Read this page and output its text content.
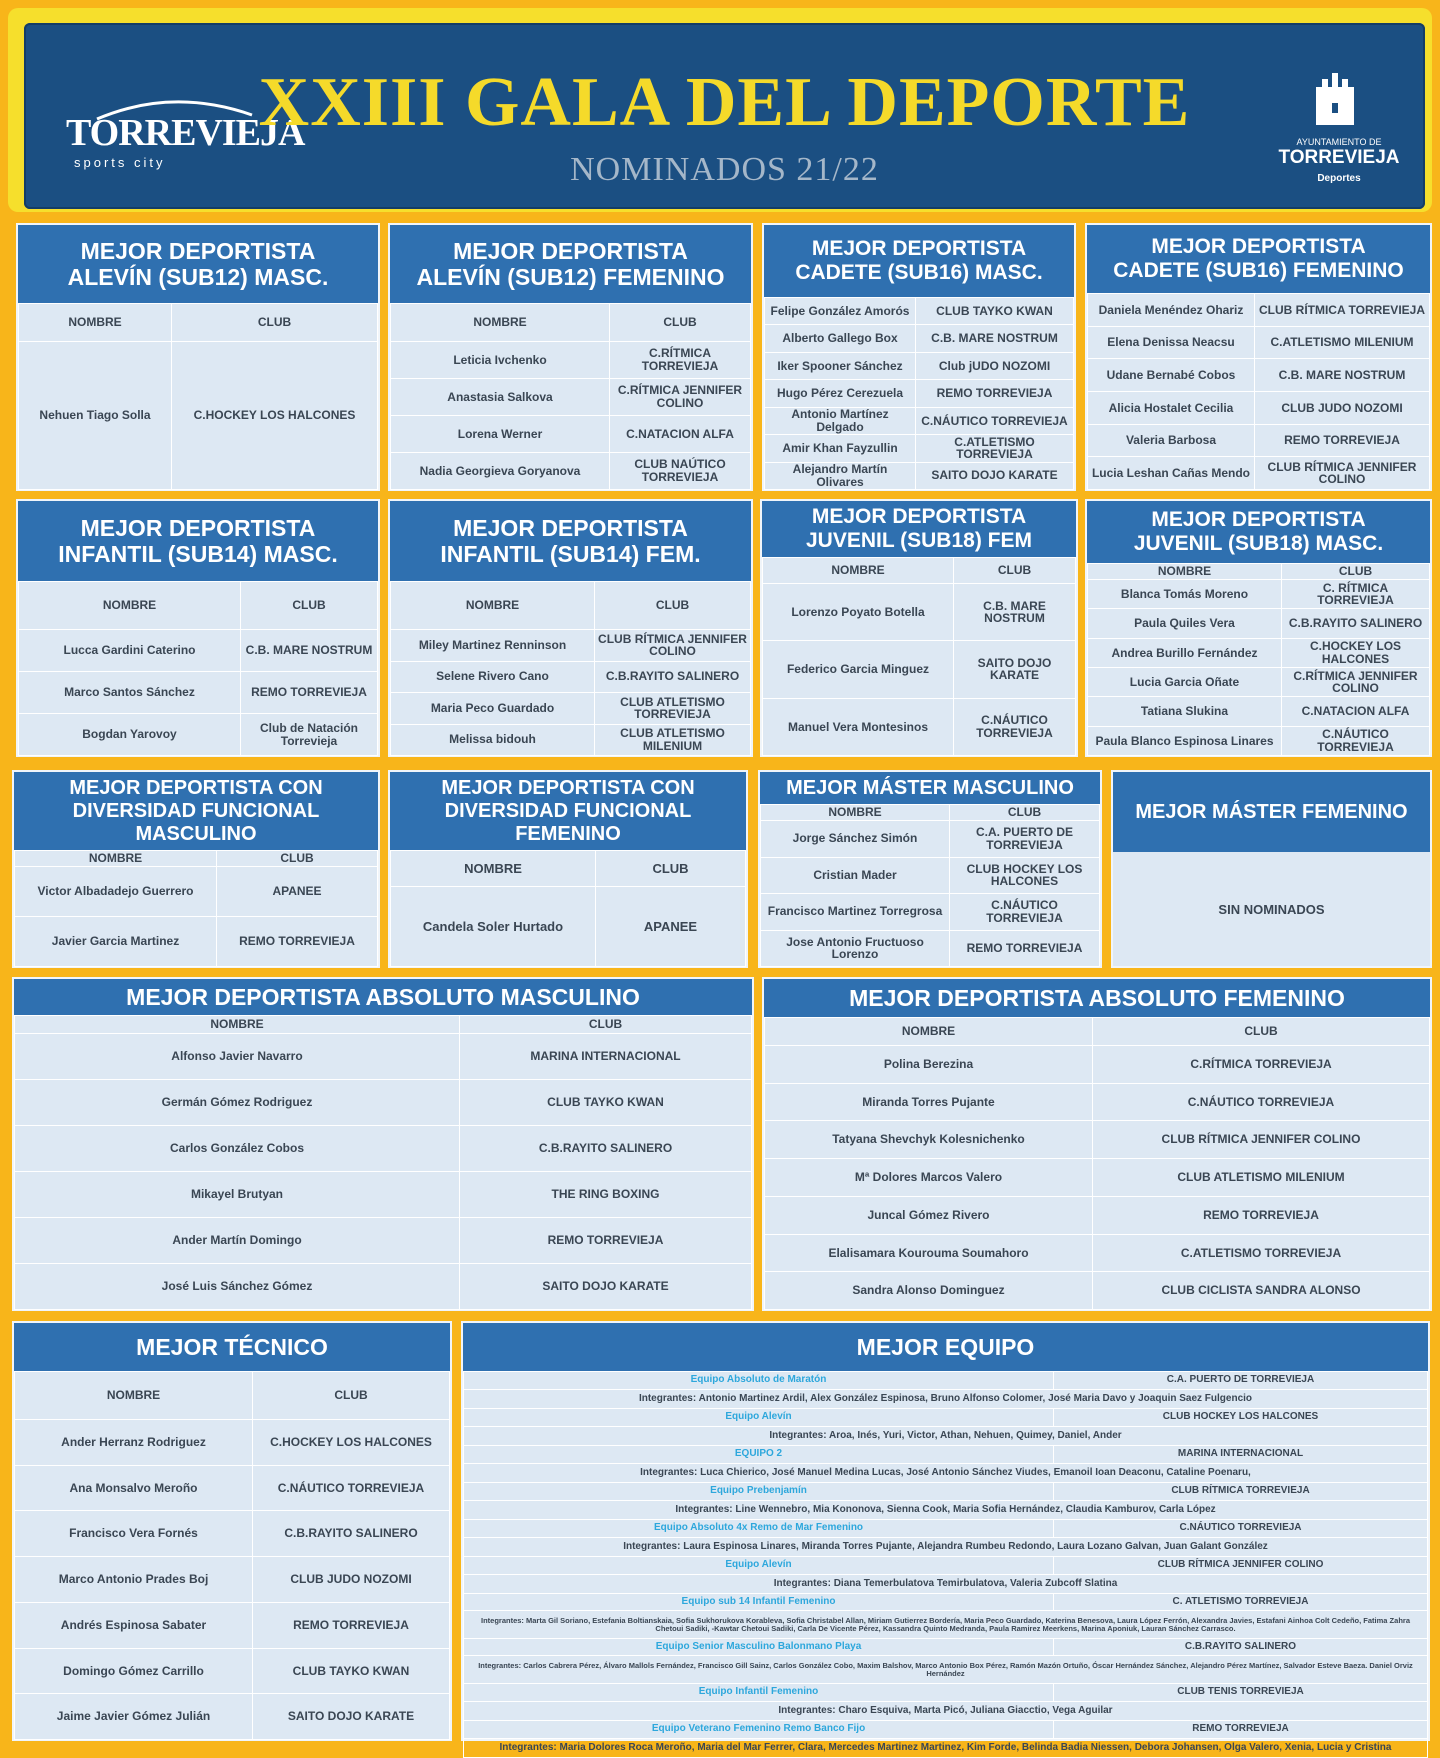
TORREVIEJA
sports city
XXIII GALA DEL DEPORTE
NOMINADOS 21/22
AYUNTAMIENTO DE
TORREVIEJA
Deportes
MEJOR DEPORTISTA
ALEVÍN (SUB12) MASC.
NOMBRE	CLUB
Nehuen Tiago Solla	C.HOCKEY LOS HALCONES
MEJOR DEPORTISTA
ALEVÍN (SUB12) FEMENINO
NOMBRE	CLUB
Leticia Ivchenko	C.RÍTMICA TORREVIEJA
Anastasia Salkova	C.RÍTMICA JENNIFER COLINO
Lorena Werner	C.NATACION ALFA
Nadia Georgieva Goryanova	CLUB NAÚTICO TORREVIEJA
MEJOR DEPORTISTA
CADETE (SUB16) MASC.
Felipe González Amorós	CLUB TAYKO KWAN
Alberto Gallego Box	C.B. MARE NOSTRUM
Iker Spooner Sánchez	Club jUDO NOZOMI
Hugo Pérez Cerezuela	REMO TORREVIEJA
Antonio Martínez Delgado	C.NÁUTICO TORREVIEJA
Amir Khan Fayzullin	C.ATLETISMO TORREVIEJA
Alejandro Martín Olivares	SAITO DOJO KARATE
MEJOR DEPORTISTA
CADETE (SUB16) FEMENINO
Daniela Menéndez Ohariz	CLUB RÍTMICA TORREVIEJA
Elena Denissa Neacsu	C.ATLETISMO MILENIUM
Udane Bernabé Cobos	C.B. MARE NOSTRUM
Alicia Hostalet Cecilia	CLUB JUDO NOZOMI
Valeria Barbosa	REMO TORREVIEJA
Lucia Leshan Cañas Mendo	CLUB RÍTMICA JENNIFER COLINO
MEJOR DEPORTISTA
INFANTIL (SUB14) MASC.
NOMBRE	CLUB
Lucca Gardini Caterino	C.B. MARE NOSTRUM
Marco Santos Sánchez	REMO TORREVIEJA
Bogdan Yarovoy	Club de Natación Torrevieja
MEJOR DEPORTISTA
INFANTIL (SUB14) FEM.
NOMBRE	CLUB
Miley Martinez Renninson	CLUB RÍTMICA JENNIFER COLINO
Selene Rivero Cano	C.B.RAYITO SALINERO
Maria Peco Guardado	CLUB ATLETISMO TORREVIEJA
Melissa bidouh	CLUB ATLETISMO MILENIUM
MEJOR DEPORTISTA
JUVENIL (SUB18) FEM
NOMBRE	CLUB
Lorenzo Poyato Botella	C.B. MARE NOSTRUM
Federico Garcia Minguez	SAITO DOJO KARATE
Manuel Vera Montesinos	C.NÁUTICO TORREVIEJA
MEJOR DEPORTISTA
JUVENIL (SUB18) MASC.
NOMBRE	CLUB
Blanca Tomás Moreno	C. RÍTMICA TORREVIEJA
Paula Quiles Vera	C.B.RAYITO SALINERO
Andrea Burillo Fernández	C.HOCKEY LOS HALCONES
Lucia Garcia Oñate	C.RÍTMICA JENNIFER COLINO
Tatiana Slukina	C.NATACION ALFA
Paula Blanco Espinosa Linares	C.NÁUTICO TORREVIEJA
MEJOR DEPORTISTA CON
DIVERSIDAD FUNCIONAL
MASCULINO
NOMBRE	CLUB
Victor Albadadejo Guerrero	APANEE
Javier Garcia Martinez	REMO TORREVIEJA
MEJOR DEPORTISTA CON
DIVERSIDAD FUNCIONAL
FEMENINO
NOMBRE	CLUB
Candela Soler Hurtado	APANEE
MEJOR MÁSTER MASCULINO
NOMBRE	CLUB
Jorge Sánchez Simón	C.A. PUERTO DE TORREVIEJA
Cristian Mader	CLUB HOCKEY LOS HALCONES
Francisco Martinez Torregrosa	C.NÁUTICO TORREVIEJA
Jose Antonio Fructuoso Lorenzo	REMO TORREVIEJA
MEJOR MÁSTER FEMENINO
SIN NOMINADOS
MEJOR DEPORTISTA ABSOLUTO MASCULINO
NOMBRE	CLUB
Alfonso Javier Navarro	MARINA INTERNACIONAL
Germán Gómez Rodriguez	CLUB TAYKO KWAN
Carlos González Cobos	C.B.RAYITO SALINERO
Mikayel Brutyan	THE RING BOXING
Ander Martín Domingo	REMO TORREVIEJA
José Luis Sánchez Gómez	SAITO DOJO KARATE
MEJOR DEPORTISTA ABSOLUTO FEMENINO
NOMBRE	CLUB
Polina Berezina	C.RÍTMICA TORREVIEJA
Miranda Torres Pujante	C.NÁUTICO TORREVIEJA
Tatyana Shevchyk Kolesnichenko	CLUB RÍTMICA JENNIFER COLINO
Mª Dolores Marcos Valero	CLUB ATLETISMO MILENIUM
Juncal Gómez Rivero	REMO TORREVIEJA
Elalisamara Kourouma Soumahoro	C.ATLETISMO TORREVIEJA
Sandra Alonso Dominguez	CLUB CICLISTA SANDRA ALONSO
MEJOR TÉCNICO
NOMBRE	CLUB
Ander Herranz Rodriguez	C.HOCKEY LOS HALCONES
Ana Monsalvo Meroño	C.NÁUTICO TORREVIEJA
Francisco Vera Fornés	C.B.RAYITO SALINERO
Marco Antonio Prades Boj	CLUB JUDO NOZOMI
Andrés Espinosa Sabater	REMO TORREVIEJA
Domingo Gómez Carrillo	CLUB TAYKO KWAN
Jaime Javier Gómez Julián	SAITO DOJO KARATE
MEJOR EQUIPO
Equipo Absoluto de Maratón	C.A. PUERTO DE TORREVIEJA
Integrantes: Antonio Martinez Ardil, Alex González Espinosa, Bruno Alfonso Colomer, José Maria Davo y Joaquin Saez Fulgencio	
Equipo Alevín	CLUB HOCKEY LOS HALCONES
Integrantes: Aroa, Inés, Yuri, Victor, Athan, Nehuen, Quimey, Daniel, Ander	
EQUIPO 2	MARINA INTERNACIONAL
Integrantes: Luca Chierico, José Manuel Medina Lucas, José Antonio Sánchez Viudes, Emanoil Ioan Deaconu, Cataline Poenaru,	
Equipo Prebenjamín	CLUB RÍTMICA TORREVIEJA
Integrantes: Line Wennebro, Mia Kononova, Sienna Cook, Maria Sofia Hernández, Claudia Kamburov, Carla López	
Equipo Absoluto 4x Remo de Mar Femenino	C.NÁUTICO TORREVIEJA
Integrantes: Laura Espinosa Linares, Miranda Torres Pujante, Alejandra Rumbeu Redondo, Laura Lozano Galvan, Juan Galant González	
Equipo Alevín	CLUB RÍTMICA JENNIFER COLINO
Integrantes: Diana Temerbulatova Temirbulatova, Valeria Zubcoff Slatina	
Equipo sub 14 Infantil Femenino	C. ATLETISMO TORREVIEJA
Integrantes: Marta Gil Soriano, Estefania Boltianskaia, Sofia Sukhorukova Korableva, Sofia Christabel Allan, Miriam Gutierrez Bordería, Maria Peco Guardado, Katerina Benesova, Laura López Ferrón, Alexandra Javies, Estafani Ainhoa Colt Cedeño, Fatima Zahra Chetoui Sadiki, -Kawtar Chetoui Sadiki, Carla De Vicente Pérez, Kassandra Quinto Medranda, Paula Ramirez Meerkens, Marina Aponiuk, Lauran Sánchez Carrasco.	
Equipo Senior Masculino Balonmano Playa	C.B.RAYITO SALINERO
Integrantes: Carlos Cabrera Pérez, Álvaro Mallols Fernández, Francisco Gill Sainz, Carlos González Cobo, Maxim Balshov, Marco Antonio Box Pérez, Ramón Mazón Ortuño, Óscar Hernández Sánchez, Alejandro Pérez Martínez, Salvador Esteve Baeza. Daniel Orviz Hernández	
Equipo Infantil Femenino	CLUB TENIS TORREVIEJA
Integrantes: Charo Esquiva, Marta Picó, Juliana Giacctio, Vega Aguilar	
Equipo Veterano Femenino Remo Banco Fijo	REMO TORREVIEJA
Integrantes: Maria Dolores Roca Meroño, Maria del Mar Ferrer, Clara, Mercedes Martinez Martinez, Kim Forde, Belinda Badia Niessen, Debora Johansen, Olga Valero, Xenia, Lucia y Cristina	
